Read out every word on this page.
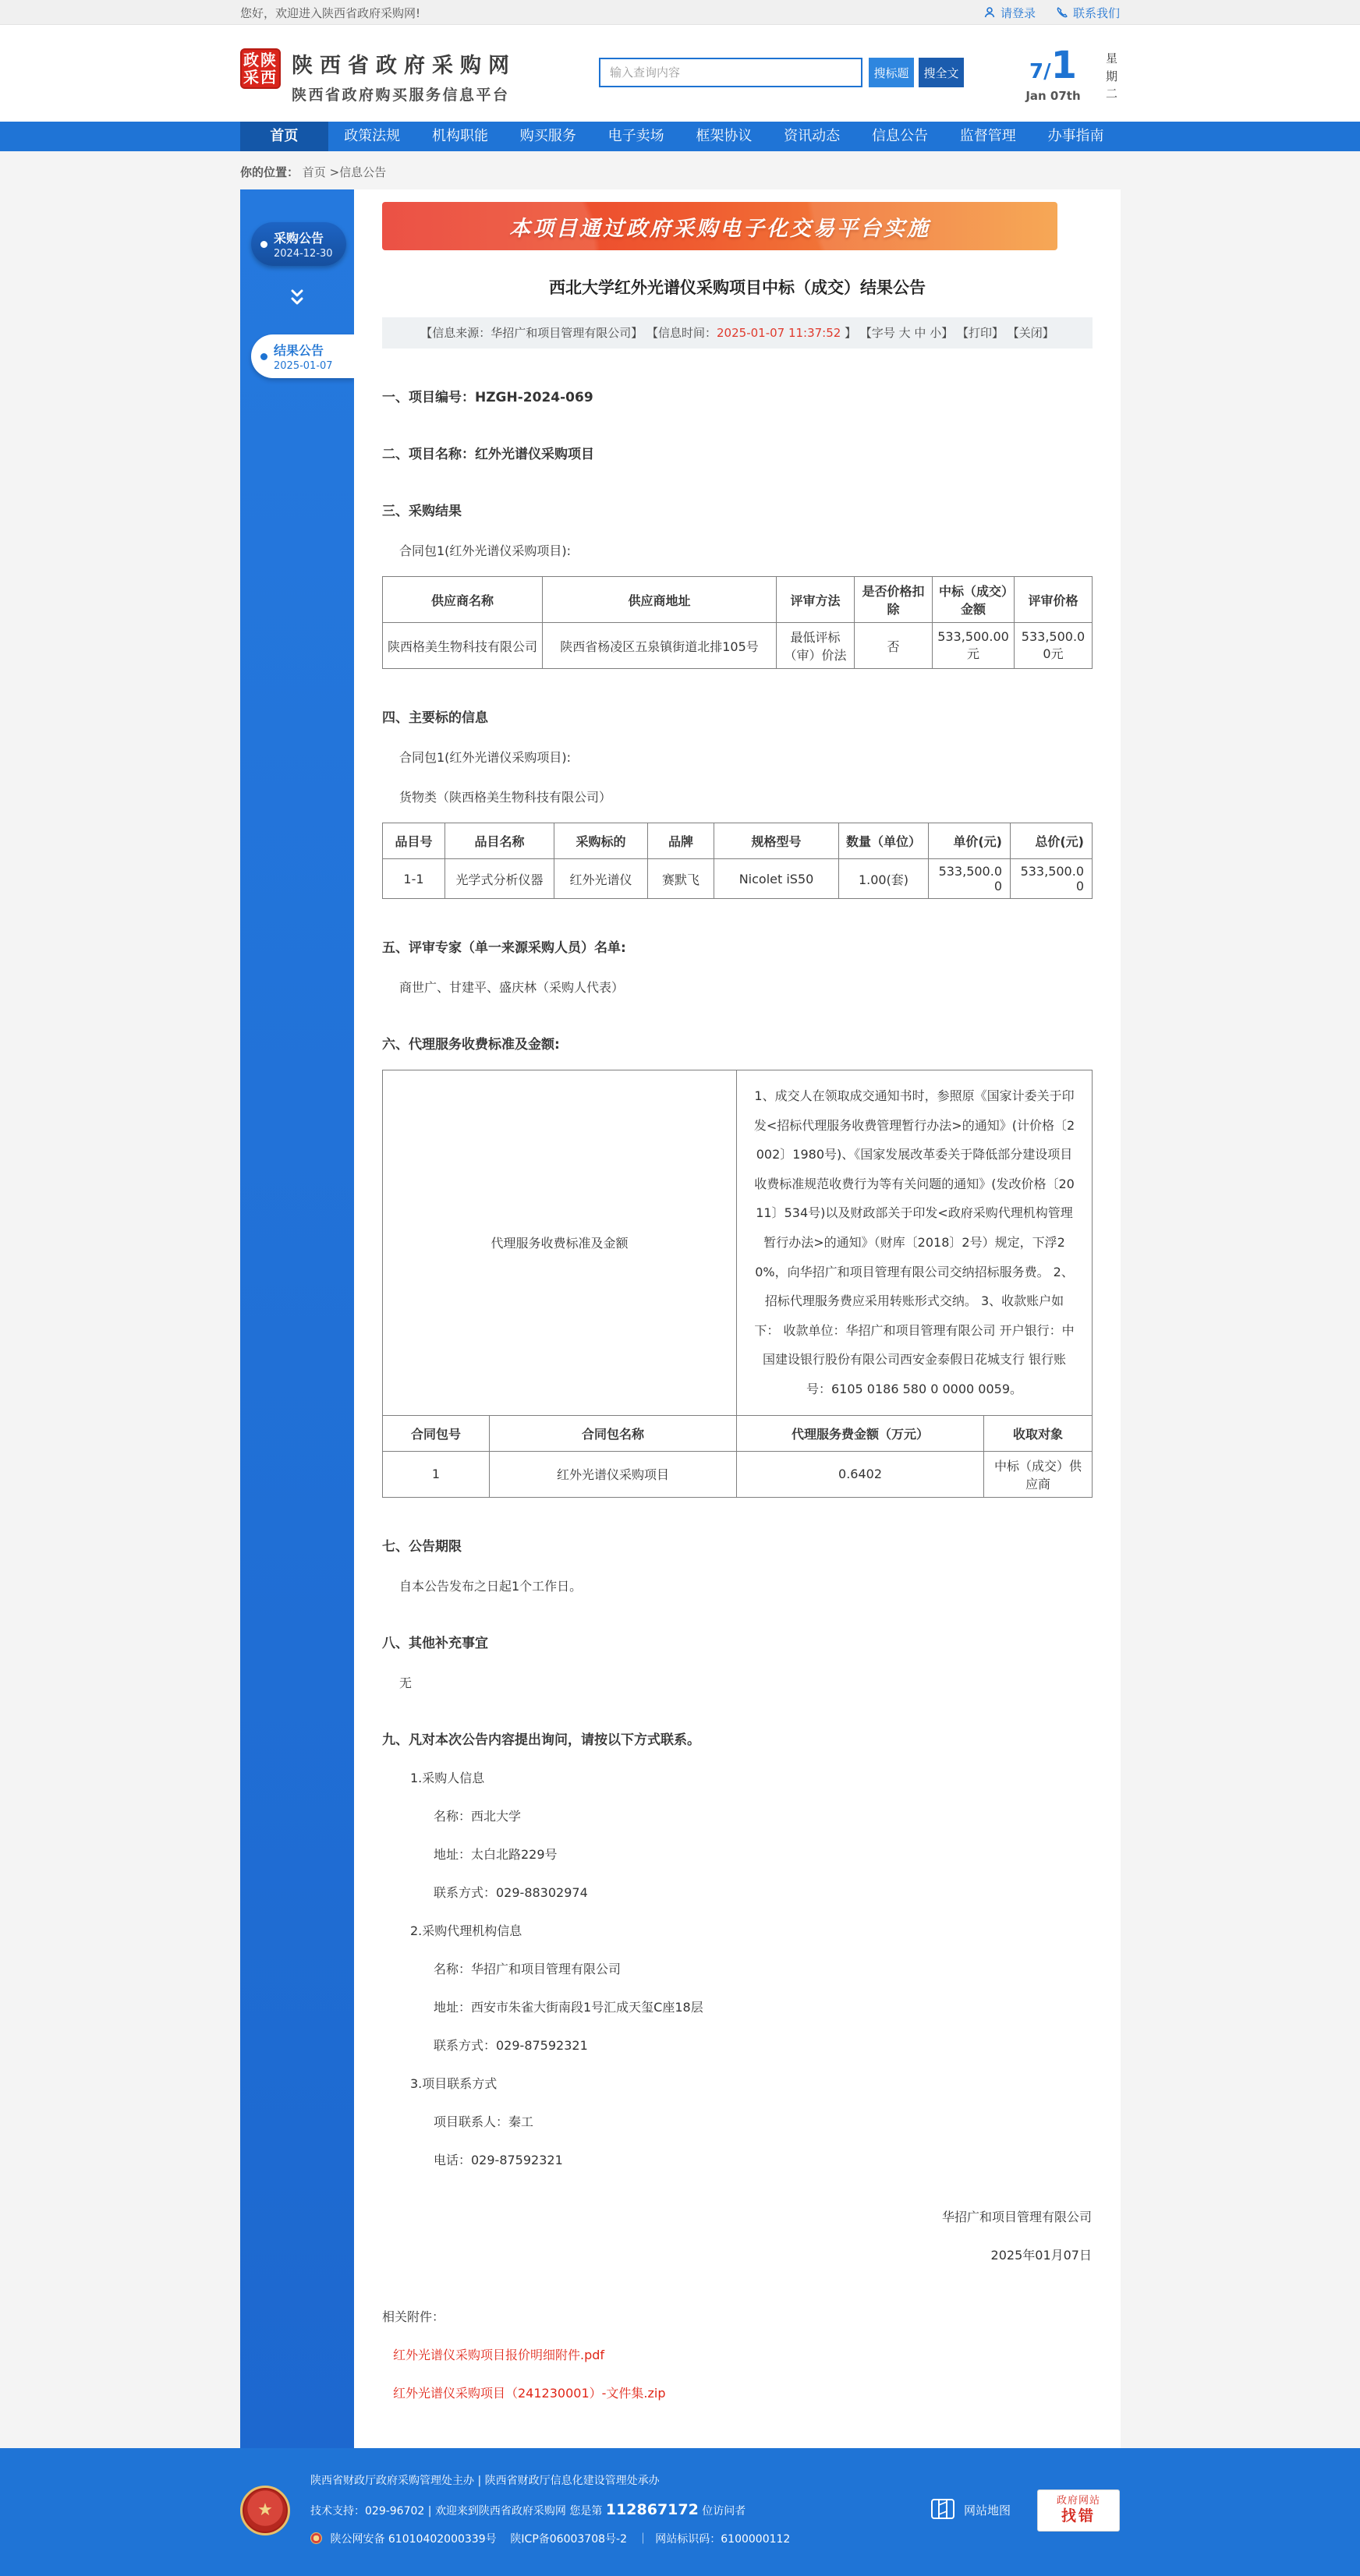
您好，欢迎进入陕西省政府采购网!	请登录	联系我们
政陕
采西 陕西省政府采购网
陕西省政府购买服务信息平台
输入查询内容
搜标题	搜全文	7/1
Jan 07th
星期二
首页	政策法规	机构职能	购买服务	电子卖场	框架协议	资讯动态	信息公告	监督管理	办事指南
你的位置： 首页 >信息公告
采购公告
2024-12-30
结果公告
2025-01-07
本项目通过政府采购电子化交易平台实施
西北大学红外光谱仪采购项目中标（成交）结果公告
【信息来源：华招广和项目管理有限公司】 【信息时间：2025-01-07 11:37:52 】 【字号 大 中 小】 【打印】 【关闭】
一、项目编号：HZGH-2024-069
二、项目名称：红外光谱仪采购项目
三、采购结果
合同包1(红外光谱仪采购项目):
供应商名称	供应商地址	评审方法	是否价格扣除	中标（成交）金额	评审价格
陕西格美生物科技有限公司	陕西省杨凌区五泉镇街道北排105号	最低评标（审）价法	否	533,500.00元	533,500.00元
四、主要标的信息
合同包1(红外光谱仪采购项目):
货物类（陕西格美生物科技有限公司）
品目号	品目名称	采购标的	品牌	规格型号	数量（单位）	单价(元)	总价(元)
1-1	光学式分析仪器	红外光谱仪	赛默飞	Nicolet iS50	1.00(套)	533,500.00	533,500.00
五、评审专家（单一来源采购人员）名单:
商世广、甘建平、盛庆林（采购人代表）
六、代理服务收费标准及金额:
代理服务收费标准及金额		1、成交人在领取成交通知书时，参照原《国家计委关于印发<招标代理服务收费管理暂行办法>的通知》(计价格〔2002〕1980号)、《国家发展改革委关于降低部分建设项目收费标准规范收费行为等有关问题的通知》(发改价格〔2011〕534号)以及财政部关于印发<政府采购代理机构管理暂行办法>的通知》（财库〔2018〕2号）规定，下浮20%，向华招广和项目管理有限公司交纳招标服务费。 2、招标代理服务费应采用转账形式交纳。 3、收款账户如下： 收款单位：华招广和项目管理有限公司 开户银行：中国建设银行股份有限公司西安金泰假日花城支行 银行账号：6105 0186 580 0 0000 0059。	
合同包号	合同包名称	代理服务费金额（万元）	收取对象
1	红外光谱仪采购项目	0.6402	中标（成交）供应商
七、公告期限
自本公告发布之日起1个工作日。
八、其他补充事宜
无
九、凡对本次公告内容提出询问，请按以下方式联系。
1.采购人信息
名称：西北大学
地址：太白北路229号
联系方式：029-88302974
2.采购代理机构信息
名称：华招广和项目管理有限公司
地址：西安市朱雀大街南段1号汇成天玺C座18层
联系方式：029-87592321
3.项目联系方式
项目联系人：秦工
电话：029-87592321
华招广和项目管理有限公司
2025年01月07日
相关附件：
红外光谱仪采购项目报价明细附件.pdf
红外光谱仪采购项目（241230001）-文件集.zip
★
陕西省财政厅政府采购管理处主办 | 陕西省财政厅信息化建设管理处承办
技术支持：029-96702 | 欢迎来到陕西省政府采购网 您是第 112867172 位访问者
陕公网安备 61010402000339号 陕ICP备06003708号-2 ｜ 网站标识码：6100000112
网站地图
政府网站
找错
